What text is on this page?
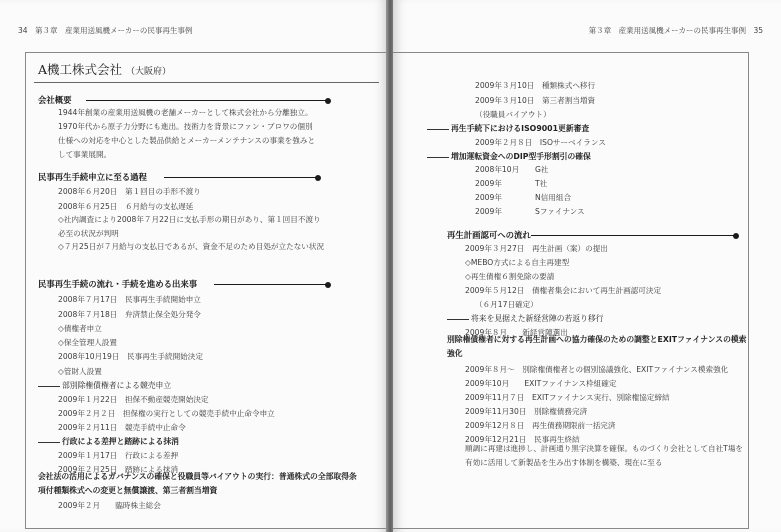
34　第３章　産業用送風機メーカーの民事再生事例
A機工株式会社 （大阪府）
会社概要
1944年創業の産業用送風機の老舗メーカーとして株式会社から分離独立。1970年代から原子力分野にも進出。技術力を背景にファン・ブロワの個別仕様への対応を中心とした製品供給とメーカーメンテナンスの事業を強みとして事業展開。
民事再生手続申立に至る過程
2008年６月20日　第１回目の手形不渡り
2008年６月25日　６月給与の支払遅延
◇社内調査により2008年７月22日に支払手形の期日があり、第１回目不渡り必至の状況が判明
◇７月25日が７月給与の支払日であるが、資金不足のため目処が立たない状況
民事再生手続の流れ・手続を進める出来事
2008年７月17日　民事再生手続開始申立
2008年７月18日　弁済禁止保全処分発令
◇債権者申立
◇保全管理人設置
2008年10月19日　民事再生手続開始決定
◇管財人設置
部別除権債権者による競売申立
2009年１月22日　担保不動産競売開始決定
2009年２月２日　担保権の実行としての競売手続中止命令申立
2009年２月11日　競売手続中止命令
行政による差押と踏跡による抹消
2009年１月17日　行政による差押
2009年２月25日　踏跡による抹消
会社法の活用によるガバナンスの確保と役職員等バイアウトの実行：普通株式の全部取得条項付種類株式への変更と無償譲渡、第三者割当増資
2009年２月　　臨時株主総会
第３章　産業用送風機メーカーの民事再生事例　35
2009年３月10日　種類株式へ移行
2009年３月10日　第三者割当増資
（役職員バイアウト）
再生手続下におけるISO9001更新審査
2009年２月８日　ISOサーベイランス
増加運転資金へのDIP型手形割引の確保
2008年10月 G社
2009年	T社
2009年	N信用組合
2009年	Sファイナンス
再生計画認可への流れ
2009年３月27日　再生計画（案）の提出
◇MEBO方式による自主再建型
◇再生債権６割免除の要請
2009年５月12日　債権者集会において再生計画認可決定
（６月17日確定）
将来を見据えた新経営陣の若返り移行
2009年８月　　新経営陣選出
別除権債権者に対する再生計画への協力確保のための調整とEXITファイナンスの模索強化
2009年８月～　別除権債権者との個別協議強化、EXITファイナンス模索強化
2009年10月　　EXITファイナンス枠組確定
2009年11月７日　EXITファイナンス実行、別除権協定締結
2009年11月30日　別除権債務完済
2009年12月８日　再生債務期限前一括完済
2009年12月21日　民事再生終結
順調に再建は進捗し、計画通り黒字決算を確保。ものづくり会社として自社T場を有効に活用して新製品を生み出す体制を構築、現在に至る
